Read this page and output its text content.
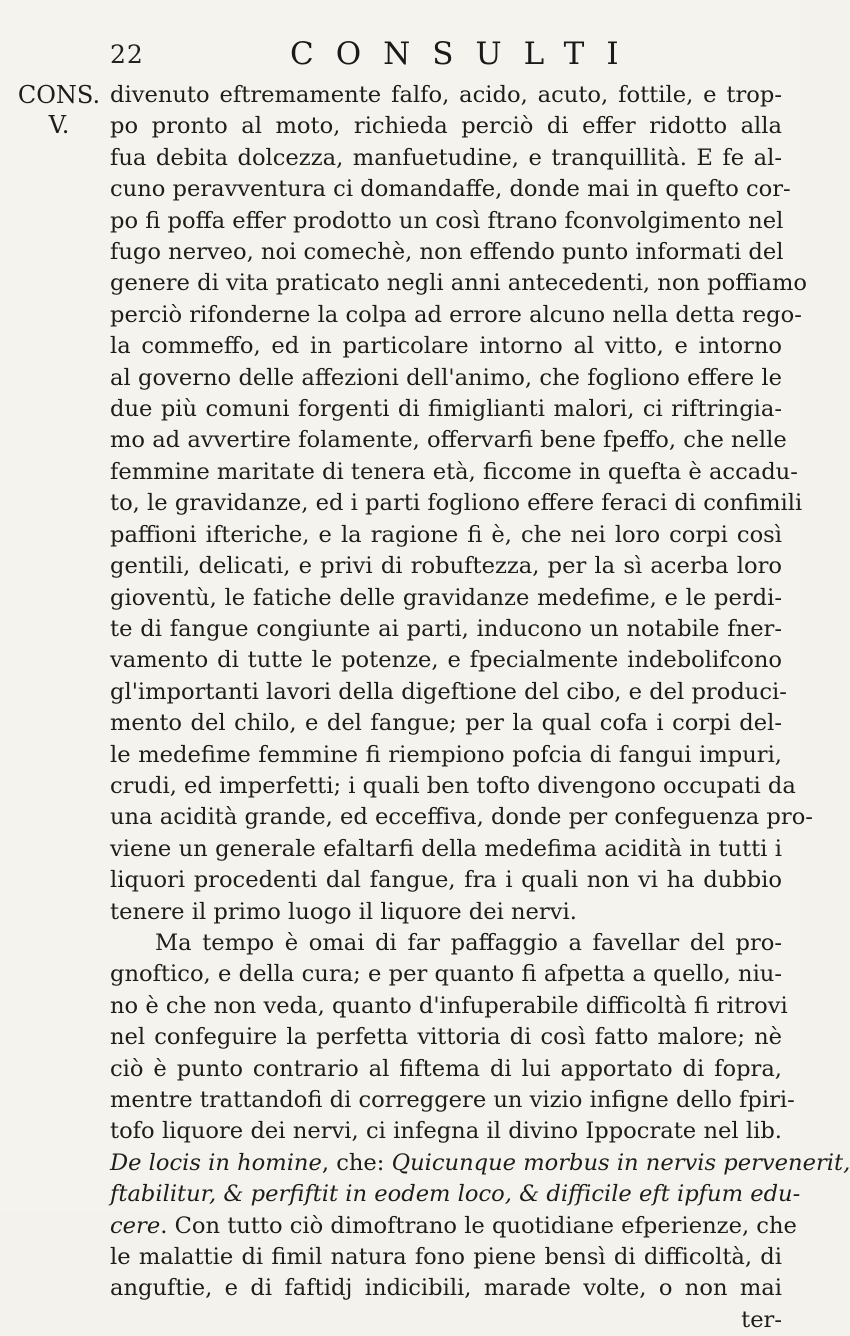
22	CONSULTI
CONS.
V.
divenuto eftremamente falfo, acido, acuto, fottile, e trop-
po pronto al moto, richieda perciò di effer ridotto alla
fua debita dolcezza, manfuetudine, e tranquillità. E fe al-
cuno peravventura ci domandaffe, donde mai in quefto cor-
po fi poffa effer prodotto un così ftrano fconvolgimento nel
fugo nerveo, noi comechè, non effendo punto informati del
genere di vita praticato negli anni antecedenti, non poffiamo
perciò rifonderne la colpa ad errore alcuno nella detta rego-
la commeffo, ed in particolare intorno al vitto, e intorno
al governo delle affezioni dell'animo, che fogliono effere le
due più comuni forgenti di fimiglianti malori, ci riftringia-
mo ad avvertire folamente, offervarfi bene fpeffo, che nelle
femmine maritate di tenera età, ficcome in quefta è accadu-
to, le gravidanze, ed i parti fogliono effere feraci di confimili
paffioni ifteriche, e la ragione fi è, che nei loro corpi così
gentili, delicati, e privi di robuftezza, per la sì acerba loro
gioventù, le fatiche delle gravidanze medefime, e le perdi-
te di fangue congiunte ai parti, inducono un notabile fner-
vamento di tutte le potenze, e fpecialmente indebolifcono
gl'importanti lavori della digeftione del cibo, e del produci-
mento del chilo, e del fangue; per la qual cofa i corpi del-
le medefime femmine fi riempiono pofcia di fangui impuri,
crudi, ed imperfetti; i quali ben tofto divengono occupati da
una acidità grande, ed ecceffiva, donde per confeguenza pro-
viene un generale efaltarfi della medefima acidità in tutti i
liquori procedenti dal fangue, fra i quali non vi ha dubbio
tenere il primo luogo il liquore dei nervi.
Ma tempo è omai di far paffaggio a favellar del pro-
gnoftico, e della cura; e per quanto fi afpetta a quello, niu-
no è che non veda, quanto d'infuperabile difficoltà fi ritrovi
nel confeguire la perfetta vittoria di così fatto malore; nè
ciò è punto contrario al fiftema di lui apportato di fopra,
mentre trattandofi di correggere un vizio infigne dello fpiri-
tofo liquore dei nervi, ci infegna il divino Ippocrate nel lib.
De locis in homine, che: Quicunque morbus in nervis pervenerit,
ftabilitur, & perfiftit in eodem loco, & difficile eft ipfum edu-
cere. Con tutto ciò dimoftrano le quotidiane efperienze, che
le malattie di fimil natura fono piene bensì di difficoltà, di
anguftie, e di faftidj indicibili, marade volte, o non mai
ter-
